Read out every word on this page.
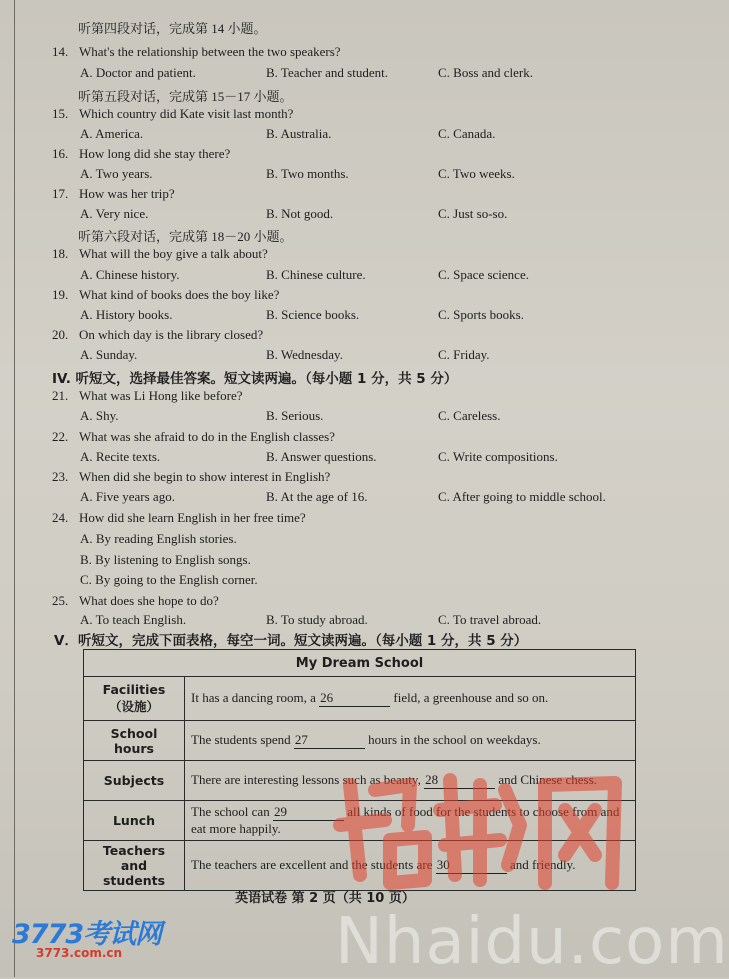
听第四段对话，完成第 14 小题。
14. What's the relationship between the two speakers?
A. Doctor and patient.	B. Teacher and student.	C. Boss and clerk.
听第五段对话，完成第 15－17 小题。
15. Which country did Kate visit last month?
A. America.	B. Australia.	C. Canada.
16. How long did she stay there?
A. Two years.	B. Two months.	C. Two weeks.
17. How was her trip?
A. Very nice.	B. Not good.	C. Just so-so.
听第六段对话，完成第 18－20 小题。
18. What will the boy give a talk about?
A. Chinese history.	B. Chinese culture.	C. Space science.
19. What kind of books does the boy like?
A. History books.	B. Science books.	C. Sports books.
20. On which day is the library closed?
A. Sunday.	B. Wednesday.	C. Friday.
IV. 听短文，选择最佳答案。短文读两遍。（每小题 1 分，共 5 分）
21. What was Li Hong like before?
A. Shy.	B. Serious.	C. Careless.
22. What was she afraid to do in the English classes?
A. Recite texts.	B. Answer questions.	C. Write compositions.
23. When did she begin to show interest in English?
A. Five years ago.	B. At the age of 16.	C. After going to middle school.
24. How did she learn English in her free time?
A. By reading English stories.
B. By listening to English songs.
C. By going to the English corner.
25. What does she hope to do?
A. To teach English.	B. To study abroad.	C. To travel abroad.
V．听短文，完成下面表格，每空一词。短文读两遍。（每小题 1 分，共 5 分）
My Dream School	
Facilities
（设施）	It has a dancing room, a 26 field, a greenhouse and so on.
School hours	The students spend 27 hours in the school on weekdays.
Subjects	There are interesting lessons such as beauty, 28 and Chinese chess.
Lunch	The school can 29 all kinds of food for the students to choose from and eat more happily.
Teachers and students	The teachers are excellent and the students are 30 and friendly.
英语试卷 第 2 页（共 10 页）
Nhaidu.com
3773考试网
3773.com.cn
